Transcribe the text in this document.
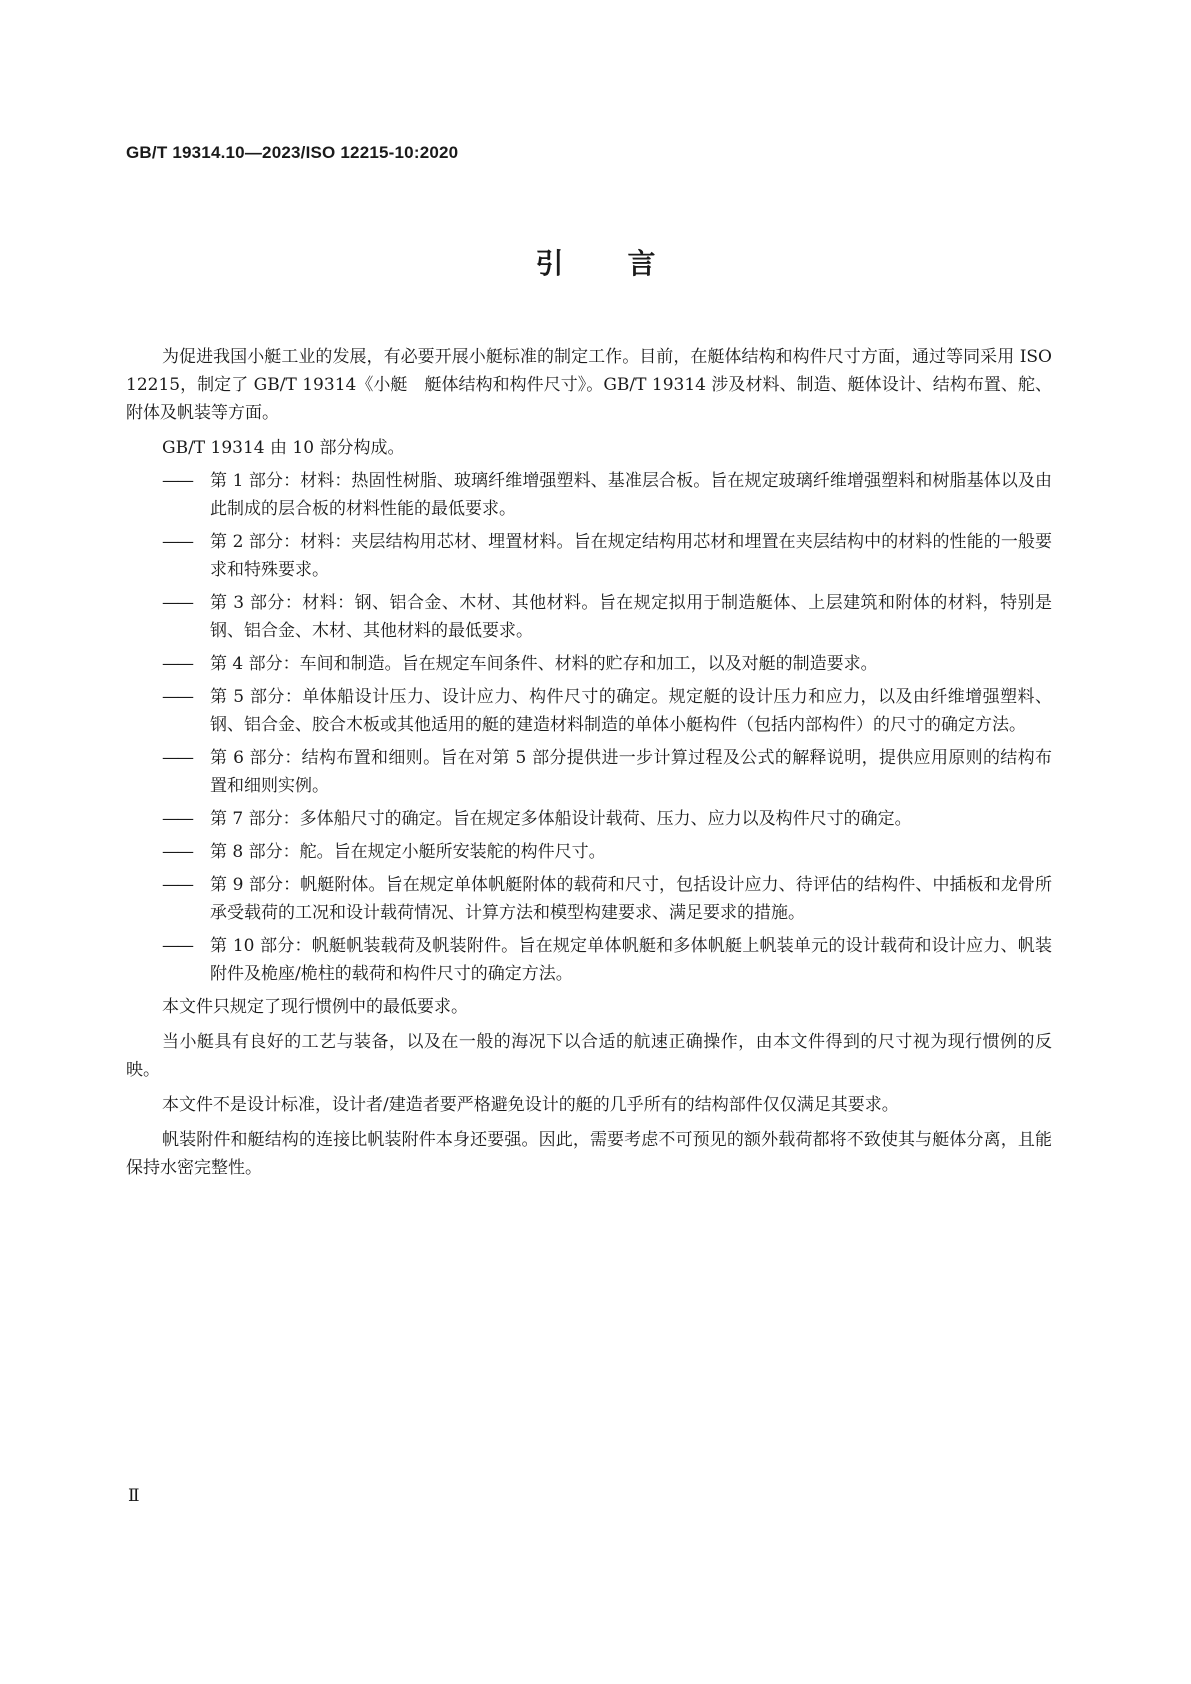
GB/T 19314.10—2023/ISO 12215-10:2020
引言

为促进我国小艇工业的发展，有必要开展小艇标准的制定工作。目前，在艇体结构和构件尺寸方面，通过等同采用 ISO 12215，制定了 GB/T 19314《小艇　艇体结构和构件尺寸》。GB/T 19314 涉及材料、制造、艇体设计、结构布置、舵、附体及帆装等方面。

GB/T 19314 由 10 部分构成。

——	第 1 部分：材料：热固性树脂、玻璃纤维增强塑料、基准层合板。旨在规定玻璃纤维增强塑料和树脂基体以及由此制成的层合板的材料性能的最低要求。
——	第 2 部分：材料：夹层结构用芯材、埋置材料。旨在规定结构用芯材和埋置在夹层结构中的材料的性能的一般要求和特殊要求。
——	第 3 部分：材料：钢、铝合金、木材、其他材料。旨在规定拟用于制造艇体、上层建筑和附体的材料，特别是钢、铝合金、木材、其他材料的最低要求。
——	第 4 部分：车间和制造。旨在规定车间条件、材料的贮存和加工，以及对艇的制造要求。
——	第 5 部分：单体船设计压力、设计应力、构件尺寸的确定。规定艇的设计压力和应力，以及由纤维增强塑料、钢、铝合金、胶合木板或其他适用的艇的建造材料制造的单体小艇构件（包括内部构件）的尺寸的确定方法。
——	第 6 部分：结构布置和细则。旨在对第 5 部分提供进一步计算过程及公式的解释说明，提供应用原则的结构布置和细则实例。
——	第 7 部分：多体船尺寸的确定。旨在规定多体船设计载荷、压力、应力以及构件尺寸的确定。
——	第 8 部分：舵。旨在规定小艇所安装舵的构件尺寸。
——	第 9 部分：帆艇附体。旨在规定单体帆艇附体的载荷和尺寸，包括设计应力、待评估的结构件、中插板和龙骨所承受载荷的工况和设计载荷情况、计算方法和模型构建要求、满足要求的措施。
——	第 10 部分：帆艇帆装载荷及帆装附件。旨在规定单体帆艇和多体帆艇上帆装单元的设计载荷和设计应力、帆装附件及桅座/桅柱的载荷和构件尺寸的确定方法。

本文件只规定了现行惯例中的最低要求。

当小艇具有良好的工艺与装备，以及在一般的海况下以合适的航速正确操作，由本文件得到的尺寸视为现行惯例的反映。

本文件不是设计标准，设计者/建造者要严格避免设计的艇的几乎所有的结构部件仅仅满足其要求。

帆装附件和艇结构的连接比帆装附件本身还要强。因此，需要考虑不可预见的额外载荷都将不致使其与艇体分离，且能保持水密完整性。

Ⅱ
